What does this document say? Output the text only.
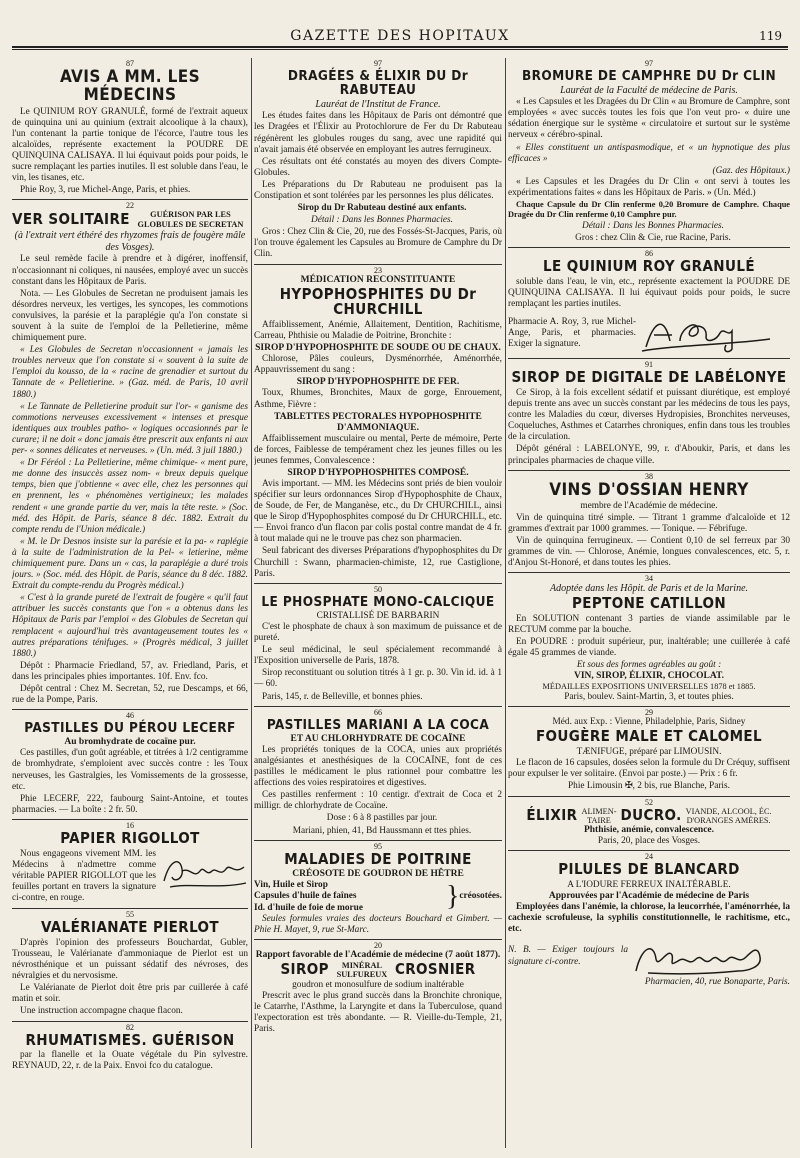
GAZETTE DES HOPITAUX	119
87
AVIS A MM. LES MÉDECINS
Le QUINIUM ROY GRANULÉ, formé de l'extrait aqueux de quinquina uni au quinium (extrait alcoolique à la chaux), l'un contenant la partie tonique de l'écorce, l'autre tous les alcaloïdes, représente exactement la POUDRE DE QUINQUINA CALISAYA. Il lui équivaut poids pour poids, le sucre remplaçant les parties inutiles. Il est soluble dans l'eau, le vin, les tisanes, etc.
Phie Roy, 3, rue Michel-Ange, Paris, et phies.
22
VER SOLITAIRE	GUÉRISON PAR LES GLOBULES DE SECRETAN
(à l'extrait vert éthéré des rhyzomes frais de fougère mâle des Vosges).
Le seul remède facile à prendre et à digérer, inoffensif, n'occasionnant ni coliques, ni nausées, employé avec un succès constant dans les Hôpitaux de Paris.
Nota. — Les Globules de Secretan ne produisent jamais les désordres nerveux, les vertiges, les syncopes, les commotions convulsives, la parésie et la paraplégie qu'a l'on constate si souvent à la suite de l'emploi de la Pelletierine, même chimiquement pure.
« Les Globules de Secretan n'occasionnent « jamais les troubles nerveux que l'on constate si « souvent à la suite de l'emploi du kousso, de la « racine de grenadier et surtout du Tannate de « Pelletierine. » (Gaz. méd. de Paris, 10 avril 1880.)
« Le Tannate de Pelletierine produit sur l'or- « ganisme des commotions nerveuses excessivement « intenses et presque identiques aux troubles patho- « logiques occasionnés par le curare; il ne doit « donc jamais être prescrit aux enfants ni aux per- « sonnes délicates et nerveuses. » (Un. méd. 3 juil 1880.)
« Dr Féréol : La Pelletierine, même chimique- « ment pure, me donne des insuccès assez nom- « breux depuis quelque temps, bien que j'obtienne « avec elle, chez les personnes qui en prennent, les « phénomènes vertigineux; les malades rendent « une grande partie du ver, mais la tête reste. » (Soc. méd. des Hôpit. de Paris, séance 8 déc. 1882. Extrait du compte rendu de l'Union médicale.)
« M. le Dr Desnos insiste sur la parésie et la pa- « raplégie à la suite de l'administration de la Pel- « letierine, même chimiquement pure. Dans un « cas, la paraplégie a duré trois jours. » (Soc. méd. des Hôpit. de Paris, séance du 8 déc. 1882. Extrait du compte-rendu du Progrès médical.)
« C'est à la grande pureté de l'extrait de fougère « qu'il faut attribuer les succès constants que l'on « a obtenus dans les Hôpitaux de Paris par l'emploi « des Globules de Secretan qui remplacent « aujourd'hui très avantageusement toutes les « autres préparations ténifuges. » (Progrès médical, 3 juillet 1880.)
Dépôt : Pharmacie Friedland, 57, av. Friedland, Paris, et dans les principales phies importantes. 10f. Env. fco.
Dépôt central : Chez M. Secretan, 52, rue Descamps, et 66, rue de la Pompe, Paris.
46
PASTILLES DU PÉROU LECERF
Au bromhydrate de cocaïne pur.
Ces pastilles, d'un goût agréable, et titrées à 1/2 centigramme de bromhydrate, s'emploient avec succès contre : les Toux nerveuses, les Gastralgies, les Vomissements de la grossesse, etc.
Phie LECERF, 222, faubourg Saint-Antoine, et toutes pharmacies. — La boîte : 2 fr. 50.
16
PAPIER RIGOLLOT
Nous engageons vivement MM. les Médecins à n'admettre comme véritable PAPIER RIGOLLOT que les feuilles portant en travers la signature ci-contre, en rouge.
55
VALÉRIANATE PIERLOT
D'après l'opinion des professeurs Bouchardat, Gubler, Trousseau, le Valérianate d'ammoniaque de Pierlot est un névrosthénique et un puissant sédatif des névroses, des névralgies et du nervosisme.
Le Valérianate de Pierlot doit être pris par cuillerée à café matin et soir.
Une instruction accompagne chaque flacon.
82
RHUMATISMES. GUÉRISON
par la flanelle et la Ouate végétale du Pin sylvestre. REYNAUD, 22, r. de la Paix. Envoi fco du catalogue.
97
DRAGÉES & ÉLIXIR DU Dr RABUTEAU
Lauréat de l'Institut de France.
Les études faites dans les Hôpitaux de Paris ont démontré que les Dragées et l'Élixir au Protochlorure de Fer du Dr Rabuteau régénèrent les globules rouges du sang, avec une rapidité qui n'avait jamais été observée en employant les autres ferrugineux.
Ces résultats ont été constatés au moyen des divers Compte-Globules.
Les Préparations du Dr Rabuteau ne produisent pas la Constipation et sont tolérées par les personnes les plus délicates.
Sirop du Dr Rabuteau destiné aux enfants.
Détail : Dans les Bonnes Pharmacies.
Gros : Chez Clin & Cie, 20, rue des Fossés-St-Jacques, Paris, où l'on trouve également les Capsules au Bromure de Camphre du Dr Clin.
23
MÉDICATION RECONSTITUANTE
HYPOPHOSPHITES DU Dr CHURCHILL
Affaiblissement, Anémie, Allaitement, Dentition, Rachitisme, Carreau, Phthisie ou Maladie de Poitrine, Bronchite :
SIROP D'HYPOPHOSPHITE DE SOUDE OU DE CHAUX.
Chlorose, Pâles couleurs, Dysménorrhée, Aménorrhée, Appauvrissement du sang :
SIROP D'HYPOPHOSPHITE DE FER.
Toux, Rhumes, Bronchites, Maux de gorge, Enrouement, Asthme, Fièvre :
TABLETTES PECTORALES HYPOPHOSPHITE D'AMMONIAQUE.
Affaiblissement musculaire ou mental, Perte de mémoire, Perte de forces, Faiblesse de tempérament chez les jeunes filles ou les jeunes femmes, Convalescence :
SIROP D'HYPOPHOSPHITES COMPOSÉ.
Avis important. — MM. les Médecins sont priés de bien vouloir spécifier sur leurs ordonnances Sirop d'Hypophosphite de Chaux, de Soude, de Fer, de Manganèse, etc., du Dr CHURCHILL, ainsi que le Sirop d'Hypophosphites composé du Dr CHURCHILL, etc. — Envoi franco d'un flacon par colis postal contre mandat de 4 fr. à tout malade qui ne le trouve pas chez son pharmacien.
Seul fabricant des diverses Préparations d'hypophosphites du Dr Churchill : Swann, pharmacien-chimiste, 12, rue Castiglione, Paris.
50
LE PHOSPHATE MONO-CALCIQUE
CRISTALLISÉ DE BARBARIN
C'est le phosphate de chaux à son maximum de puissance et de pureté.
Le seul médicinal, le seul spécialement recommandé à l'Exposition universelle de Paris, 1878.
Sirop reconstituant ou solution titrés à 1 gr. p. 30. Vin id. id. à 1 — 60.
Paris, 145, r. de Belleville, et bonnes phies.
66
PASTILLES MARIANI A LA COCA
ET AU CHLORHYDRATE DE COCAÏNE
Les propriétés toniques de la COCA, unies aux propriétés analgésiantes et anesthésiques de la COCAÏNE, font de ces pastilles le médicament le plus rationnel pour combattre les affections des voies respiratoires et digestives.
Ces pastilles renferment : 10 centigr. d'extrait de Coca et 2 milligr. de chlorhydrate de Cocaïne.
Dose : 6 à 8 pastilles par jour.
Mariani, phien, 41, Bd Haussmann et ttes phies.
95
MALADIES DE POITRINE
CRÉOSOTE DE GOUDRON DE HÊTRE
Vin, Huile et Sirop
Capsules d'huile de faînes
Id. d'huile de foie de morue	} créosotées.
Seules formules vraies des docteurs Bouchard et Gimbert. — Phie H. Mayet, 9, rue St-Marc.
20
Rapport favorable de l'Académie de médecine (7 août 1877).
SIROP	MINÉRAL SULFUREUX CROSNIER
goudron et monosulfure de sodium inaltérable
Prescrit avec le plus grand succès dans la Bronchite chronique, le Catarrhe, l'Asthme, la Laryngite et dans la Tuberculose, quand l'expectoration est très abondante. — R. Vieille-du-Temple, 21, Paris.
97
BROMURE DE CAMPHRE DU Dr CLIN
Lauréat de la Faculté de médecine de Paris.
« Les Capsules et les Dragées du Dr Clin « au Bromure de Camphre, sont employées « avec succès toutes les fois que l'on veut pro- « duire une sédation énergique sur le système « circulatoire et surtout sur le système nerveux « cérébro-spinal.
« Elles constituent un antispasmodique, et « un hypnotique des plus efficaces »
(Gaz. des Hôpitaux.)
« Les Capsules et les Dragées du Dr Clin « ont servi à toutes les expérimentations faites « dans les Hôpitaux de Paris. » (Un. Méd.)
Chaque Capsule du Dr Clin renferme 0,20 Bromure de Camphre. Chaque Dragée du Dr Clin renferme 0,10 Camphre pur.
Détail : Dans les Bonnes Pharmacies.
Gros : chez Clin & Cie, rue Racine, Paris.
86
LE QUINIUM ROY GRANULÉ
soluble dans l'eau, le vin, etc., représente exactement la POUDRE DE QUINQUINA CALISAYA. Il lui équivaut poids pour poids, le sucre remplaçant les parties inutiles.
Pharmacie A. Roy, 3, rue Michel-Ange, Paris, et pharmacies. Exiger la signature.
91
SIROP DE DIGITALE DE LABÉLONYE
Ce Sirop, à la fois excellent sédatif et puissant diurétique, est employé depuis trente ans avec un succès constant par les médecins de tous les pays, contre les Maladies du cœur, diverses Hydropisies, Bronchites nerveuses, Coqueluches, Asthmes et Catarrhes chroniques, enfin dans tous les troubles de la circulation.
Dépôt général : LABELONYE, 99, r. d'Aboukir, Paris, et dans les principales pharmacies de chaque ville.
38
VINS D'OSSIAN HENRY
membre de l'Académie de médecine.
Vin de quinquina titré simple. — Titrant 1 gramme d'alcaloïde et 12 grammes d'extrait par 1000 grammes. — Tonique. — Fébrifuge.
Vin de quinquina ferrugineux. — Contient 0,10 de sel ferreux par 30 grammes de vin. — Chlorose, Anémie, longues convalescences, etc. 5, r. d'Anjou St-Honoré, et dans toutes les phies.
34
Adoptée dans les Hôpit. de Paris et de la Marine.
PEPTONE CATILLON
En SOLUTION contenant 3 parties de viande assimilable par le RECTUM comme par la bouche.
En POUDRE : produit supérieur, pur, inaltérable; une cuillerée à café égale 45 grammes de viande.
Et sous des formes agréables au goût :
VIN, SIROP, ÉLIXIR, CHOCOLAT.
MÉDAILLES EXPOSITIONS UNIVERSELLES 1878 et 1885.
Paris, boulev. Saint-Martin, 3, et toutes phies.
29
Méd. aux Exp. : Vienne, Philadelphie, Paris, Sidney
FOUGÈRE MALE ET CALOMEL
TÆNIFUGE, préparé par LIMOUSIN.
Le flacon de 16 capsules, dosées selon la formule du Dr Créquy, suffisent pour expulser le ver solitaire. (Envoi par poste.) — Prix : 6 fr.
Phie Limousin ✠, 2 bis, rue Blanche, Paris.
52
ÉLIXIR ALIMEN-
TAIRE DUCRO. VIANDE, ALCOOL, ÉC.
D'ORANGES AMÈRES.
Phthisie, anémie, convalescence.
Paris, 20, place des Vosges.
24
PILULES DE BLANCARD
A L'IODURE FERREUX INALTÉRABLE.
Approuvées par l'Académie de médecine de Paris
Employées dans l'anémie, la chlorose, la leucorrhée, l'aménorrhée, la cachexie scrofuleuse, la syphilis constitutionnelle, le rachitisme, etc., etc.
N. B. — Exiger toujours la signature ci-contre.
Pharmacien, 40, rue Bonaparte, Paris.
